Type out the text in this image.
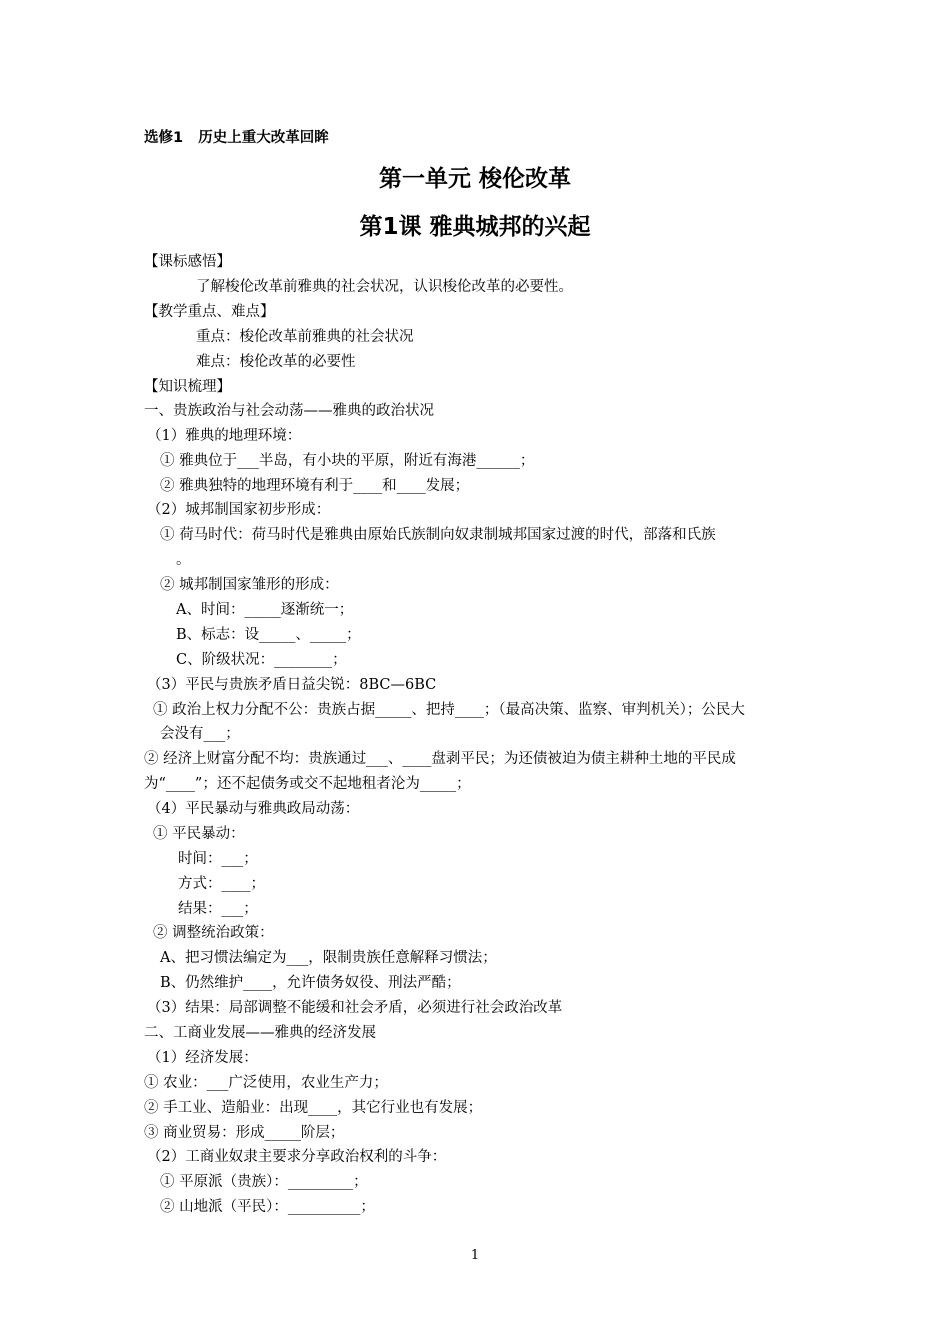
选修1   历史上重大改革回眸
第一单元 梭伦改革
第1课 雅典城邦的兴起
【课标感悟】
了解梭伦改革前雅典的社会状况，认识梭伦改革的必要性。
【教学重点、难点】
重点：梭伦改革前雅典的社会状况
难点：梭伦改革的必要性
【知识梳理】
一、贵族政治与社会动荡——雅典的政治状况
（1）雅典的地理环境：
① 雅典位于___半岛，有小块的平原，附近有海港______；
② 雅典独特的地理环境有利于____和____发展；
（2）城邦制国家初步形成：
① 荷马时代：荷马时代是雅典由原始氏族制向奴隶制城邦国家过渡的时代，部落和氏族
。
② 城邦制国家雏形的形成：
A、时间：_____逐渐统一；
B、标志：设_____、_____；
C、阶级状况：________；
（3）平民与贵族矛盾日益尖锐：8BC—6BC
① 政治上权力分配不公：贵族占据_____、把持____；（最高决策、监察、审判机关）；公民大
会没有___；
② 经济上财富分配不均：贵族通过___、____盘剥平民；为还债被迫为债主耕种土地的平民成
为“____”；还不起债务或交不起地租者沦为_____；
（4）平民暴动与雅典政局动荡：
① 平民暴动：
时间：___；
方式：____；
结果：___；
② 调整统治政策：
A、把习惯法编定为___，限制贵族任意解释习惯法；
B、仍然维护____，允许债务奴役、刑法严酷；
（3）结果：局部调整不能缓和社会矛盾，必须进行社会政治改革
二、工商业发展——雅典的经济发展
（1）经济发展：
① 农业：___广泛使用，农业生产力；
② 手工业、造船业：出现____，其它行业也有发展；
③ 商业贸易：形成_____阶层；
（2）工商业奴隶主要求分享政治权利的斗争：
① 平原派（贵族）：_________；
② 山地派（平民）：__________；
1
